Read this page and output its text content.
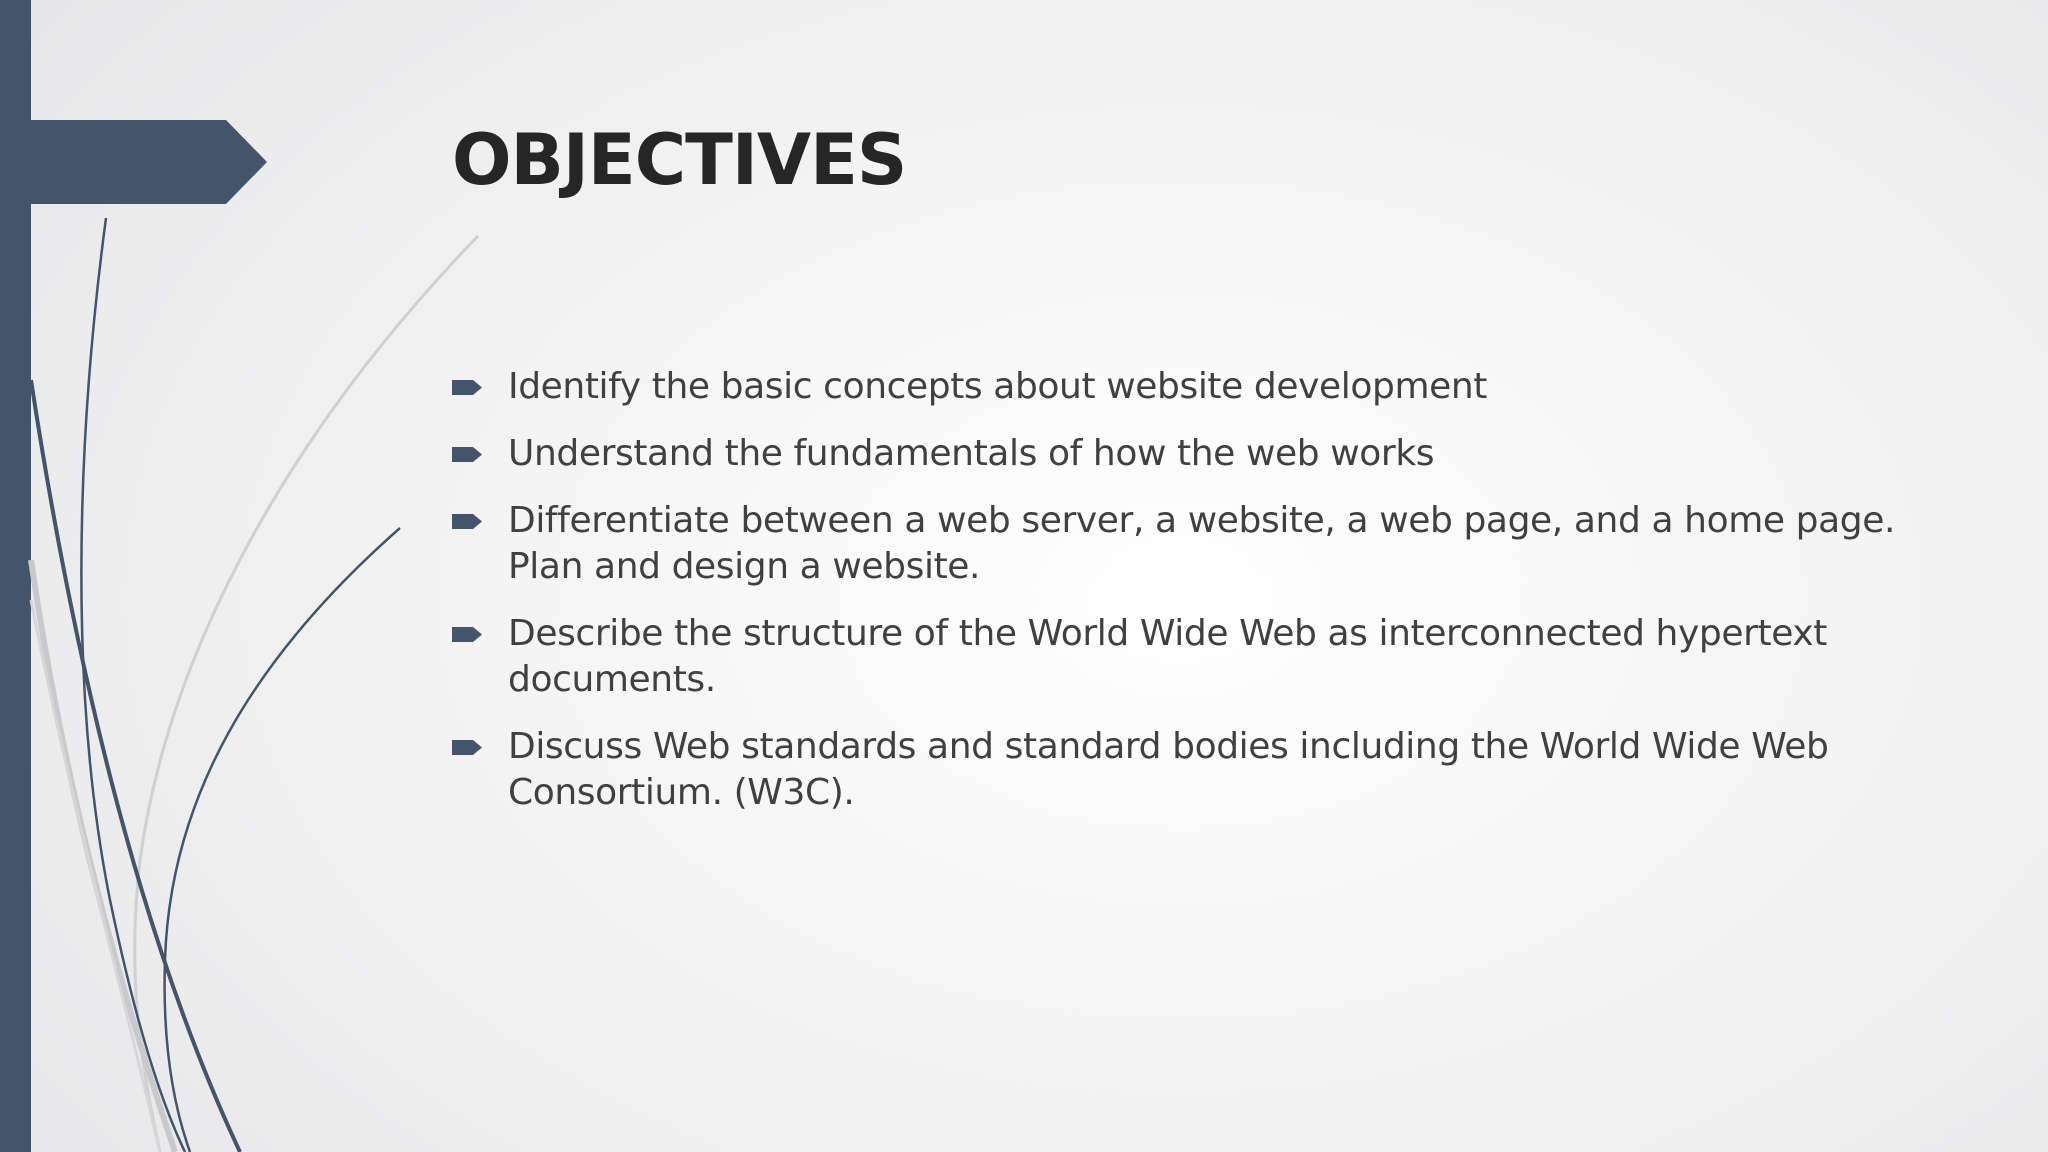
OBJECTIVES
Identify the basic concepts about website development
Understand the fundamentals of how the web works
Differentiate between a web server, a website, a web page, and a home page. Plan and design a website.
Describe the structure of the World Wide Web as interconnected hypertext documents.
Discuss Web standards and standard bodies including the World Wide Web Consortium. (W3C).
